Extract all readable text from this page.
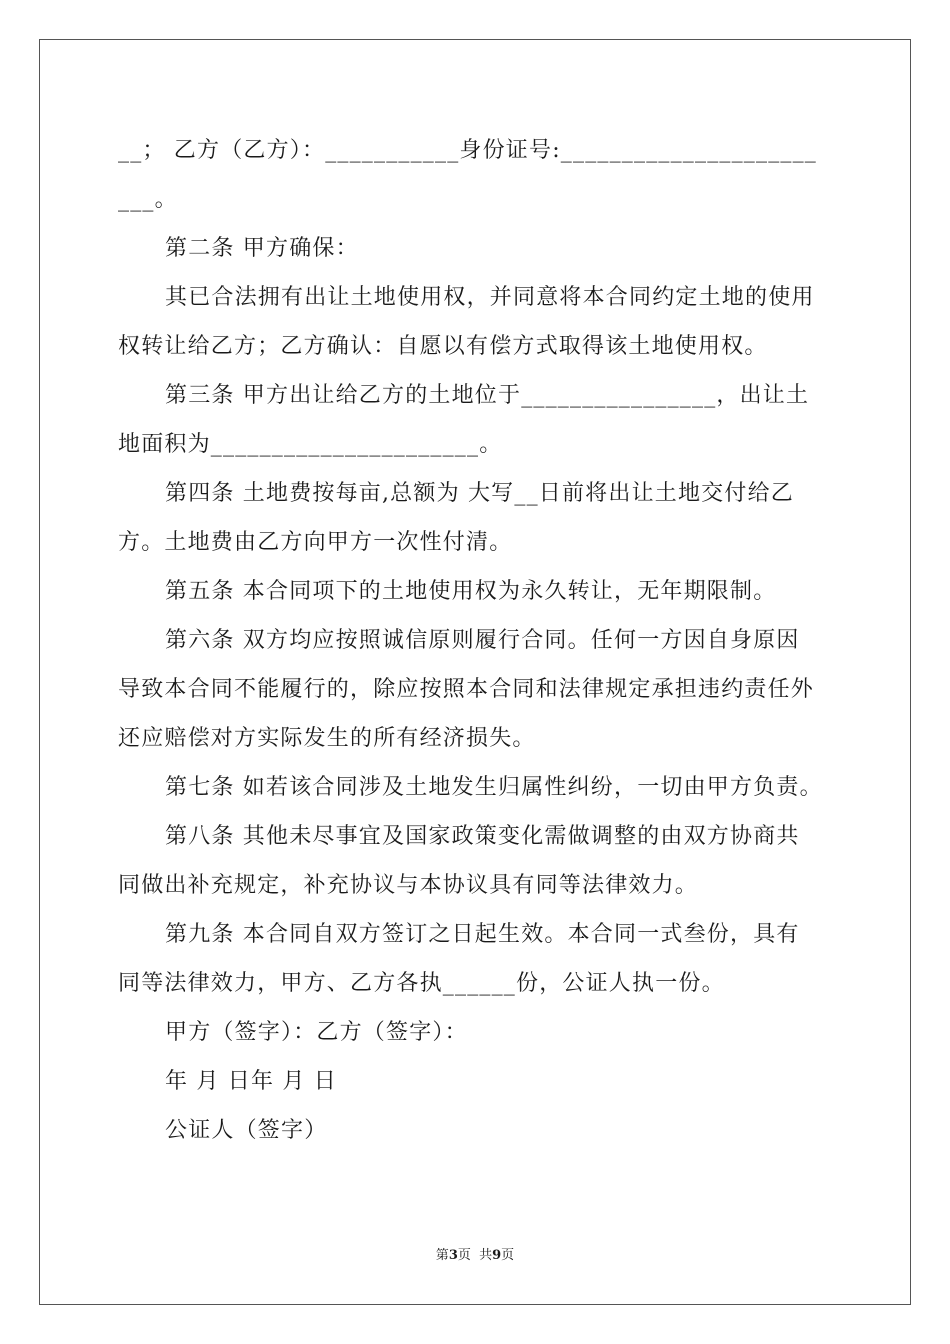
__； 乙方（乙方）：___________身份证号:_____________________
___。
第二条 甲方确保：
其已合法拥有出让土地使用权，并同意将本合同约定土地的使用
权转让给乙方；乙方确认：自愿以有偿方式取得该土地使用权。
第三条 甲方出让给乙方的土地位于________________，出让土
地面积为______________________。
第四条 土地费按每亩,总额为 大写__日前将出让土地交付给乙
方。土地费由乙方向甲方一次性付清。
第五条 本合同项下的土地使用权为永久转让，无年期限制。
第六条 双方均应按照诚信原则履行合同。任何一方因自身原因
导致本合同不能履行的，除应按照本合同和法律规定承担违约责任外
还应赔偿对方实际发生的所有经济损失。
第七条 如若该合同涉及土地发生归属性纠纷，一切由甲方负责。
第八条 其他未尽事宜及国家政策变化需做调整的由双方协商共
同做出补充规定，补充协议与本协议具有同等法律效力。
第九条 本合同自双方签订之日起生效。本合同一式叁份，具有
同等法律效力，甲方、乙方各执______份，公证人执一份。
甲方（签字）：乙方（签字）：
年 月 日年 月 日
公证人（签字）
第3页  共9页
